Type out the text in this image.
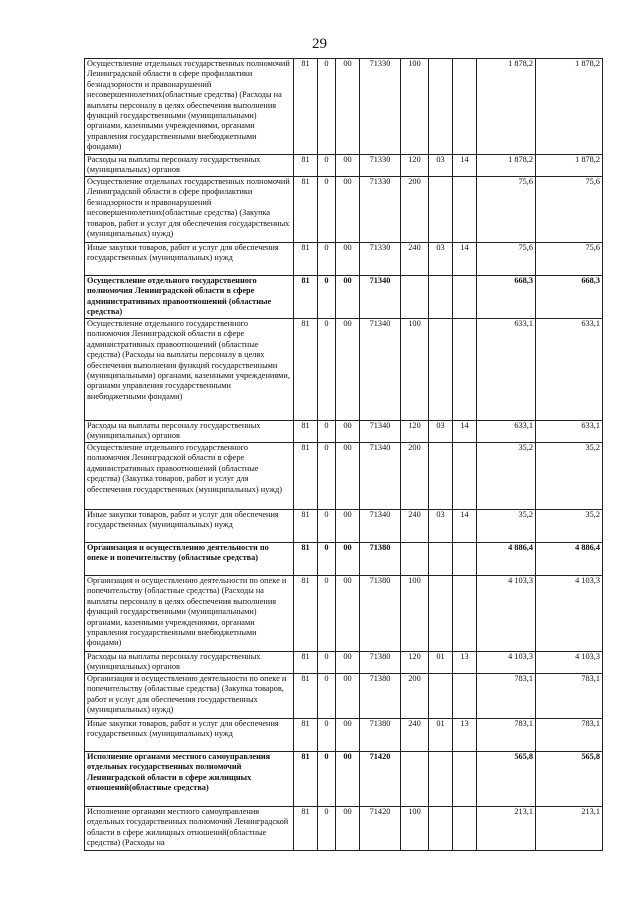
29
Осуществление отдельных государственных полномочий Ленинградской области в сфере профилактики безнадзорности и правонарушений несовершеннолетних(областные средства) (Расходы на выплаты персоналу в целях обеспечения выполнения функций государственными (муниципальными) органами, казенными учреждениями, органами управления государственными внебюджетными фондами)	81	0	00	71330	100			1 878,2	1 878,2
Расходы на выплаты персоналу государственных (муниципальных) органов	81	0	00	71330	120	03	14	1 878,2	1 878,2
Осуществление отдельных государственных полномочий Ленинградской области в сфере профилактики безнадзорности и правонарушений несовершеннолетних(областные средства) (Закупка товаров, работ и услуг для обеспечения государственных (муниципальных) нужд)	81	0	00	71330	200			75,6	75,6
Иные закупки товаров, работ и услуг для обеспечения государственных (муниципальных) нужд	81	0	00	71330	240	03	14	75,6	75,6
Осуществление отдельного государственного полномочия Ленинградской области в сфере административных правоотношений (областные средства)	81	0	00	71340				668,3	668,3
Осуществление отдельного государственного полномочия Ленинградской области в сфере административных правоотношений (областные средства) (Расходы на выплаты персоналу в целях обеспечения выполнения функций государственными (муниципальными) органами, казенными учреждениями, органами управления государственными внебюджетными фондами)	81	0	00	71340	100			633,1	633,1
Расходы на выплаты персоналу государственных (муниципальных) органов	81	0	00	71340	120	03	14	633,1	633,1
Осуществление отдельного государственного полномочия Ленинградской области в сфере административных правоотношений (областные средства) (Закупка товаров, работ и услуг для обеспечения государственных (муниципальных) нужд)	81	0	00	71340	200			35,2	35,2
Иные закупки товаров, работ и услуг для обеспечения государственных (муниципальных) нужд	81	0	00	71340	240	03	14	35,2	35,2
Организация и осуществлению деятельности по опеке и попечительству (областные средства)	81	0	00	71380				4 886,4	4 886,4
Организация и осуществлению деятельности по опеке и попечительству (областные средства) (Расходы на выплаты персоналу в целях обеспечения выполнения функций государственными (муниципальными) органами, казенными учреждениями, органами управления государственными внебюджетными фондами)	81	0	00	71380	100			4 103,3	4 103,3
Расходы на выплаты персоналу государственных (муниципальных) органов	81	0	00	71380	120	01	13	4 103,3	4 103,3
Организация и осуществлению деятельности по опеке и попечительству (областные средства) (Закупка товаров, работ и услуг для обеспечения государственных (муниципальных) нужд)	81	0	00	71380	200			783,1	783,1
Иные закупки товаров, работ и услуг для обеспечения государственных (муниципальных) нужд	81	0	00	71380	240	01	13	783,1	783,1
Исполнение органами местного самоуправления отдельных государственных полномочий Ленинградской области в сфере жилищных отношений(областные средства)	81	0	00	71420				565,8	565,8
Исполнение органами местного самоуправления отдельных государственных полномочий Ленинградской области в сфере жилищных отношений(областные средства) (Расходы на	81	0	00	71420	100			213,1	213,1
